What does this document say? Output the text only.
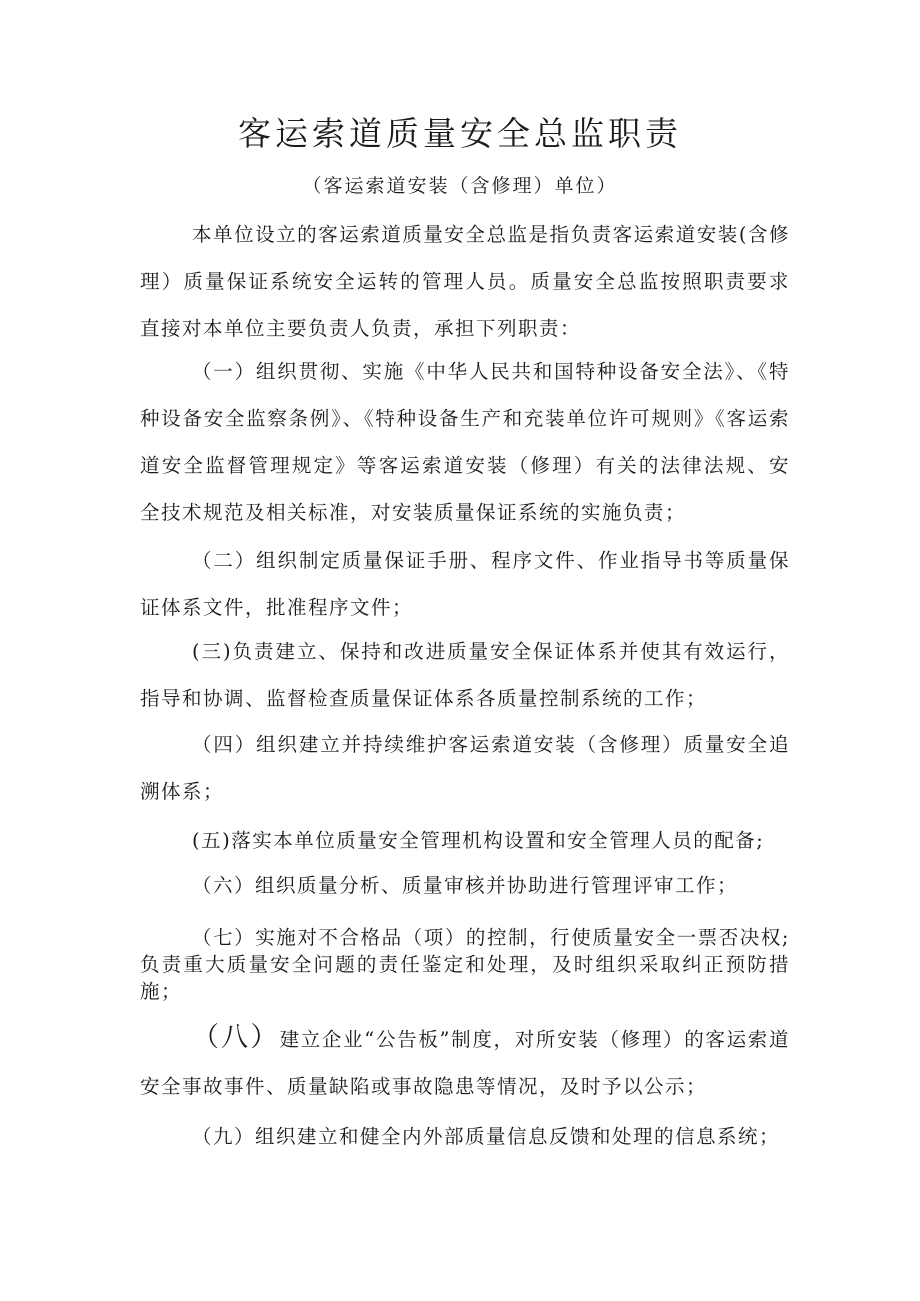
客运索道质量安全总监职责

（客运索道安装（含修理）单位）

本单位设立的客运索道质量安全总监是指负责客运索道安装(含修理）质量保证系统安全运转的管理人员。质量安全总监按照职责要求直接对本单位主要负责人负责，承担下列职责：

（一）组织贯彻、实施《中华人民共和国特种设备安全法》、《特种设备安全监察条例》、《特种设备生产和充装单位许可规则》《客运索道安全监督管理规定》等客运索道安装（修理）有关的法律法规、安全技术规范及相关标准，对安装质量保证系统的实施负责；

（二）组织制定质量保证手册、程序文件、作业指导书等质量保证体系文件，批准程序文件；

(三)负责建立、保持和改进质量安全保证体系并使其有效运行，指导和协调、监督检查质量保证体系各质量控制系统的工作；

（四）组织建立并持续维护客运索道安装（含修理）质量安全追溯体系；

(五)落实本单位质量安全管理机构设置和安全管理人员的配备;

（六）组织质量分析、质量审核并协助进行管理评审工作；

（七）实施对不合格品（项）的控制，行使质量安全一票否决权;负责重大质量安全问题的责任鉴定和处理，及时组织采取纠正预防措施；

（八）建立企业“公告板”制度，对所安装（修理）的客运索道安全事故事件、质量缺陷或事故隐患等情况，及时予以公示；

（九）组织建立和健全内外部质量信息反馈和处理的信息系统；
